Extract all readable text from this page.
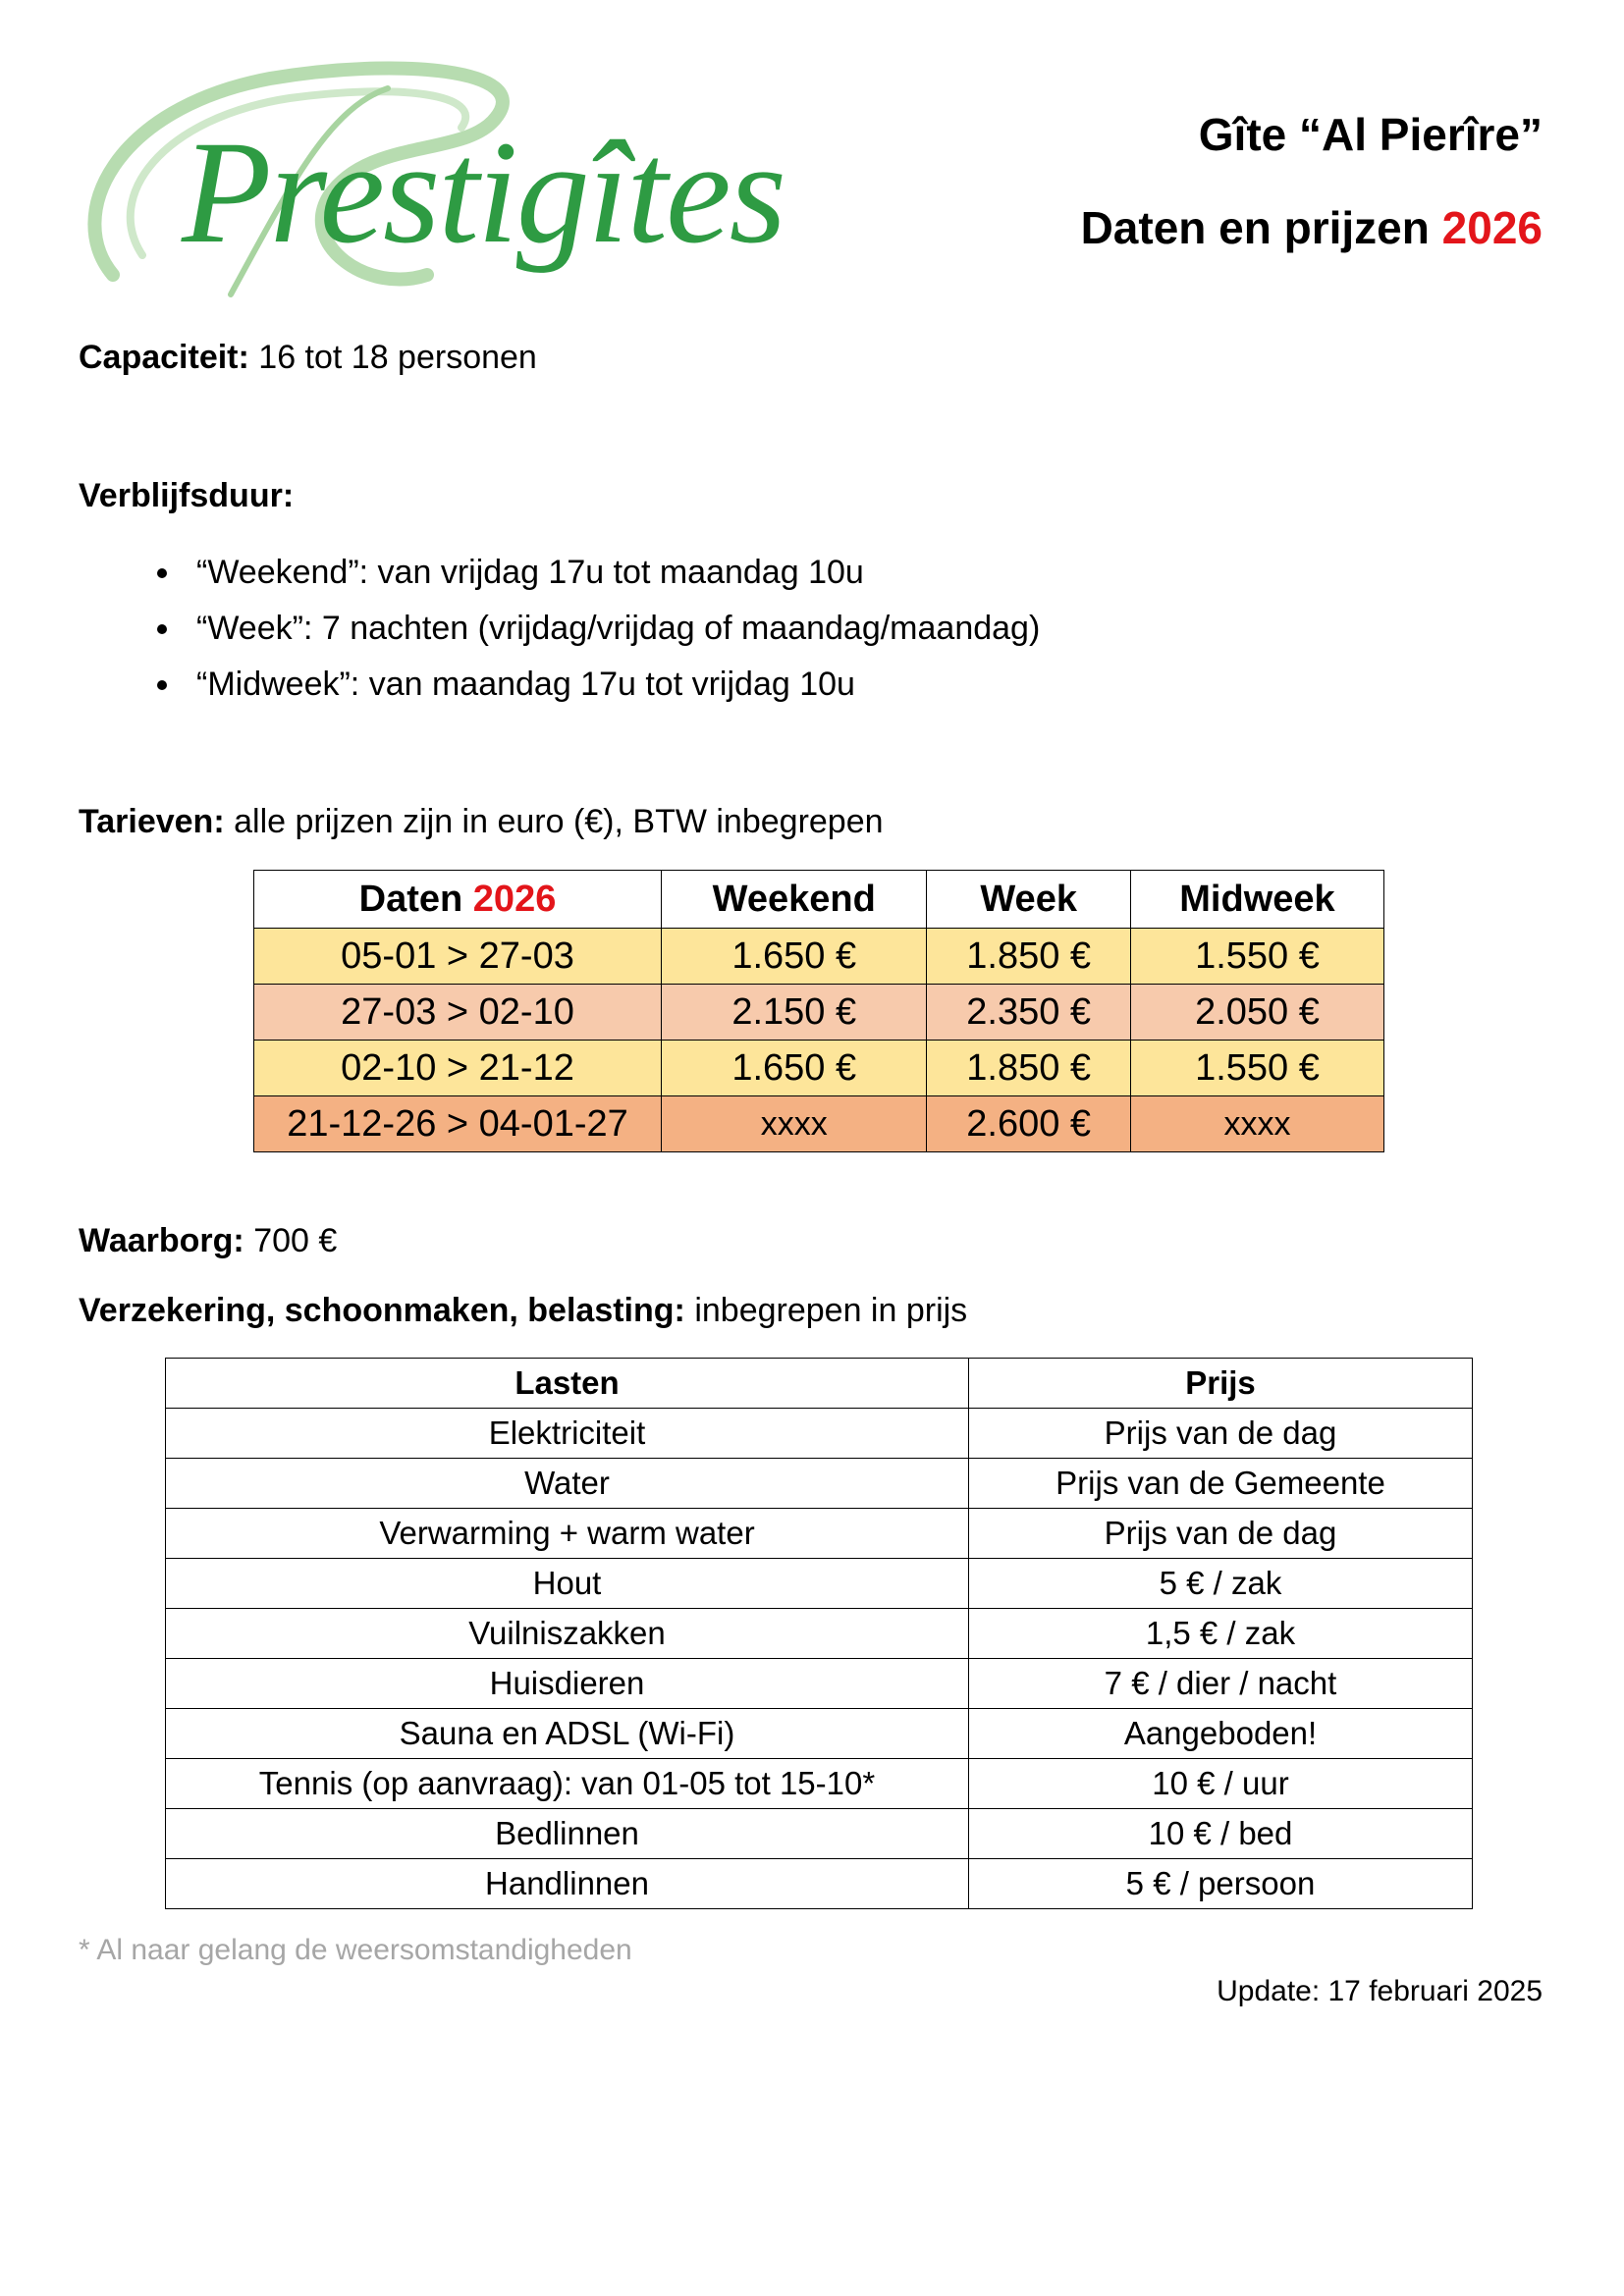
Prestigîtes	Gîte “Al Pierîre”
Daten en prijzen 2026
Capaciteit: 16 tot 18 personen
Verblijfsduur:
“Weekend”: van vrijdag 17u tot maandag 10u
“Week”: 7 nachten (vrijdag/vrijdag of maandag/maandag)
“Midweek”: van maandag 17u tot vrijdag 10u
Tarieven: alle prijzen zijn in euro (€), BTW inbegrepen
Daten 2026	Weekend	Week	Midweek
05-01 > 27-03	1.650 €	1.850 €	1.550 €
27-03 > 02-10	2.150 €	2.350 €	2.050 €
02-10 > 21-12	1.650 €	1.850 €	1.550 €
21-12-26 > 04-01-27	xxxx	2.600 €	xxxx
Waarborg: 700 €
Verzekering, schoonmaken, belasting: inbegrepen in prijs
Lasten	Prijs
Elektriciteit	Prijs van de dag
Water	Prijs van de Gemeente
Verwarming + warm water	Prijs van de dag
Hout	5 € / zak
Vuilniszakken	1,5 € / zak
Huisdieren	7 € / dier / nacht
Sauna en ADSL (Wi-Fi)	Aangeboden!
Tennis (op aanvraag): van 01-05 tot 15-10*	10 € / uur
Bedlinnen	10 € / bed
Handlinnen	5 € / persoon
* Al naar gelang de weersomstandigheden
Update: 17 februari 2025
